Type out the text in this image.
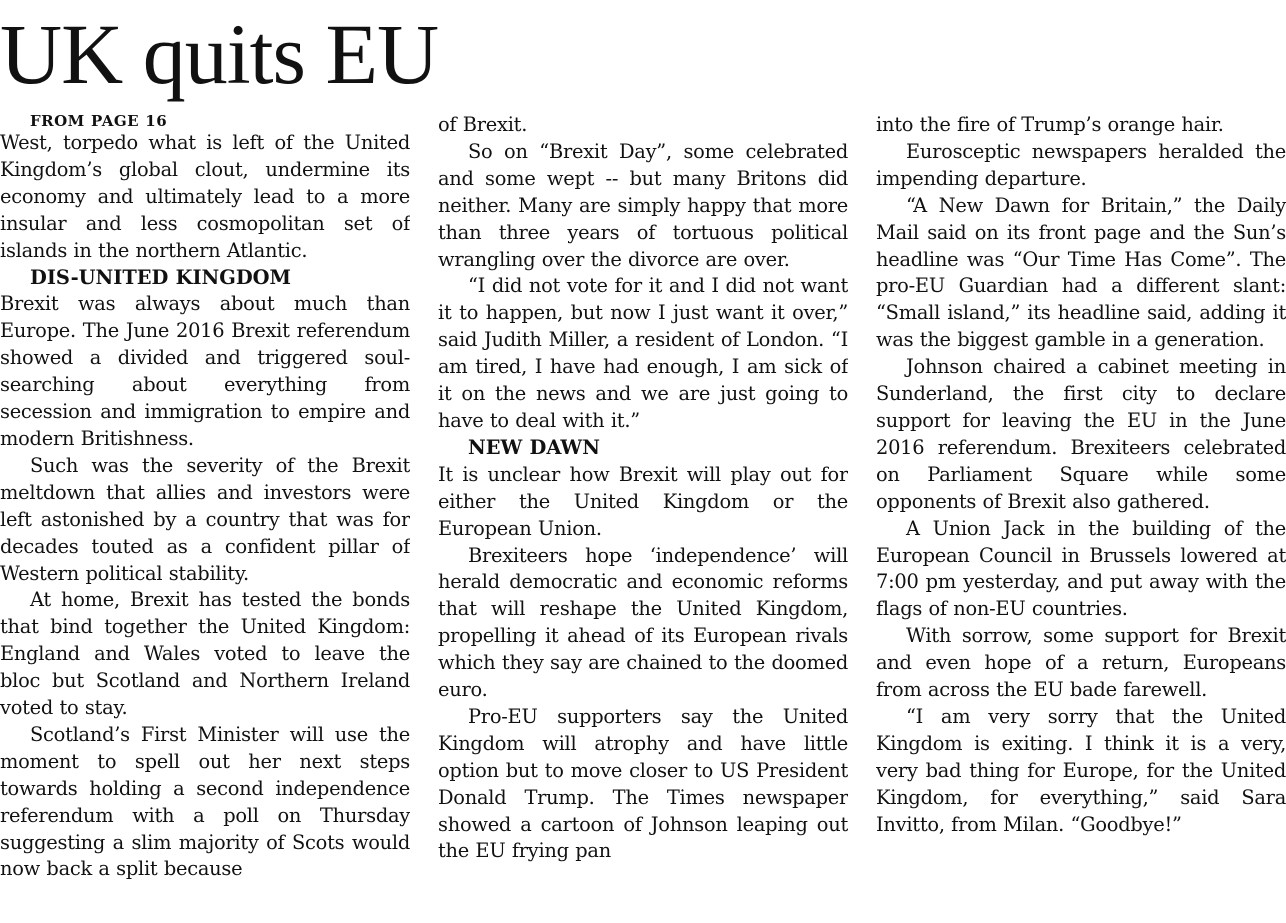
UK quits EU

FROM PAGE 16

West, torpedo what is left of the United Kingdom’s global clout, undermine its economy and ultimately lead to a more insular and less cosmopolitan set of islands in the northern Atlantic.

DIS-UNITED KINGDOM

Brexit was always about much than Europe. The June 2016 Brexit referendum showed a divided and triggered soul-searching about everything from secession and immigration to empire and modern Britishness.

Such was the severity of the Brexit meltdown that allies and investors were left astonished by a country that was for decades touted as a confident pillar of Western political stability.

At home, Brexit has tested the bonds that bind together the United Kingdom: England and Wales voted to leave the bloc but Scotland and Northern Ireland voted to stay.

Scotland’s First Minister will use the moment to spell out her next steps towards holding a second independence referendum with a poll on Thursday suggesting a slim majority of Scots would now back a split because

of Brexit.

So on “Brexit Day”, some celebrated and some wept -- but many Britons did neither. Many are simply happy that more than three years of tortuous political wrangling over the divorce are over.

“I did not vote for it and I did not want it to happen, but now I just want it over,” said Judith Miller, a resident of London. “I am tired, I have had enough, I am sick of it on the news and we are just going to have to deal with it.”

NEW DAWN

It is unclear how Brexit will play out for either the United Kingdom or the European Union.

Brexiteers hope ‘independence’ will herald democratic and economic reforms that will reshape the United Kingdom, propelling it ahead of its European rivals which they say are chained to the doomed euro.

Pro-EU supporters say the United Kingdom will atrophy and have little option but to move closer to US President Donald Trump. The Times newspaper showed a cartoon of Johnson leaping out the EU frying pan

into the fire of Trump’s orange hair.

Eurosceptic newspapers heralded the impending departure.

“A New Dawn for Britain,” the Daily Mail said on its front page and the Sun’s headline was “Our Time Has Come”. The pro-EU Guardian had a different slant: “Small island,” its headline said, adding it was the biggest gamble in a generation.

Johnson chaired a cabinet meeting in Sunderland, the first city to declare support for leaving the EU in the June 2016 referendum. Brexiteers celebrated on Parliament Square while some opponents of Brexit also gathered.

A Union Jack in the building of the European Council in Brussels lowered at 7:00 pm yesterday, and put away with the flags of non-EU countries.

With sorrow, some support for Brexit and even hope of a return, Europeans from across the EU bade farewell.

“I am very sorry that the United Kingdom is exiting. I think it is a very, very bad thing for Europe, for the United Kingdom, for everything,” said Sara Invitto, from Milan. “Goodbye!”
